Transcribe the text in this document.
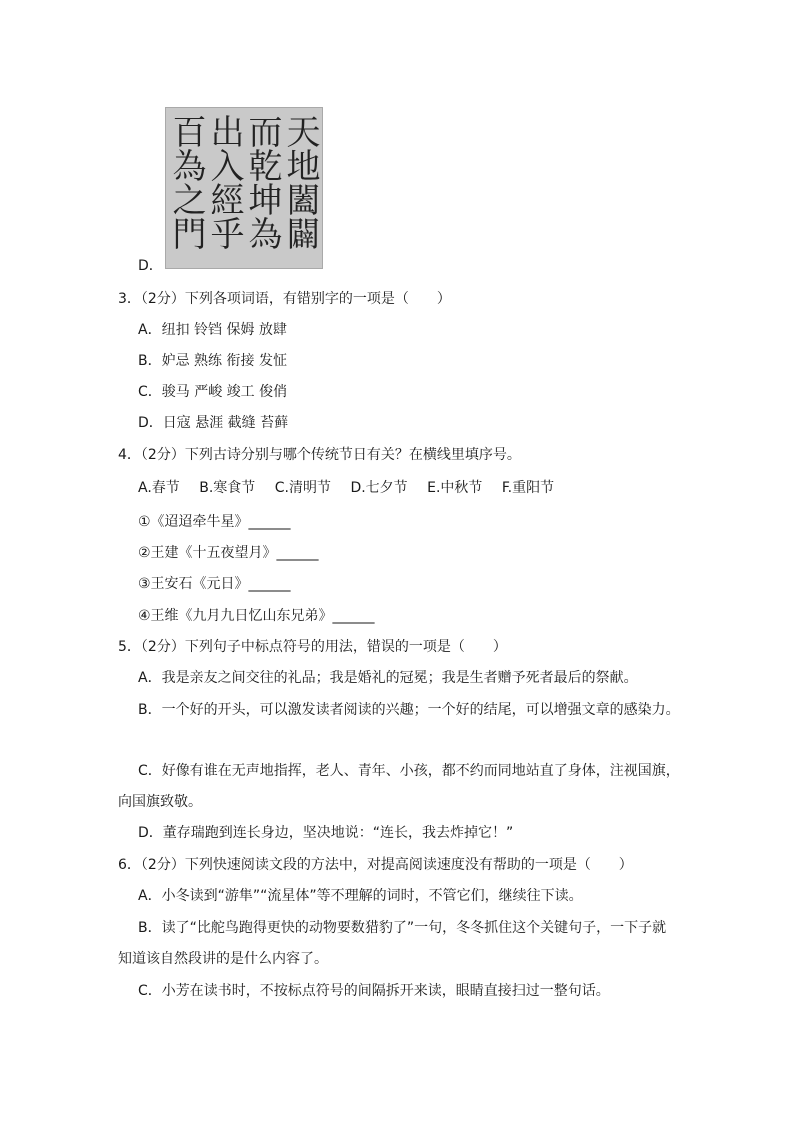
天地闔闢
而乾坤為
出入經乎
百為之門
D．
3．（2分）下列各项词语，有错别字的一项是（　　）
A．纽扣 铃铛 保姆 放肆
B．妒忌 熟练 衔接 发怔
C．骏马 严峻 竣工 俊俏
D．日寇 悬涯 截缝 苔藓
4．（2分）下列古诗分别与哪个传统节日有关？在横线里填序号。
A.春节 B.寒食节 C.清明节 D.七夕节 E.中秋节 F.重阳节
①《迢迢牵牛星》______
②王建《十五夜望月》______
③王安石《元日》______
④王维《九月九日忆山东兄弟》______
5．（2分）下列句子中标点符号的用法，错误的一项是（　　）
A．我是亲友之间交往的礼品；我是婚礼的冠冕；我是生者赠予死者最后的祭献。
B．一个好的开头，可以激发读者阅读的兴趣；一个好的结尾，可以增强文章的感染力。
C．好像有谁在无声地指挥，老人、青年、小孩，都不约而同地站直了身体，注视国旗，
向国旗致敬。
D．董存瑞跑到连长身边，坚决地说：“连长，我去炸掉它！”
6．（2分）下列快速阅读文段的方法中，对提高阅读速度没有帮助的一项是（　　）
A．小冬读到“游隼”“流星体”等不理解的词时，不管它们，继续往下读。
B．读了“比舵鸟跑得更快的动物要数猎豹了”一句，冬冬抓住这个关键句子，一下子就
知道该自然段讲的是什么内容了。
C．小芳在读书时，不按标点符号的间隔拆开来读，眼睛直接扫过一整句话。
